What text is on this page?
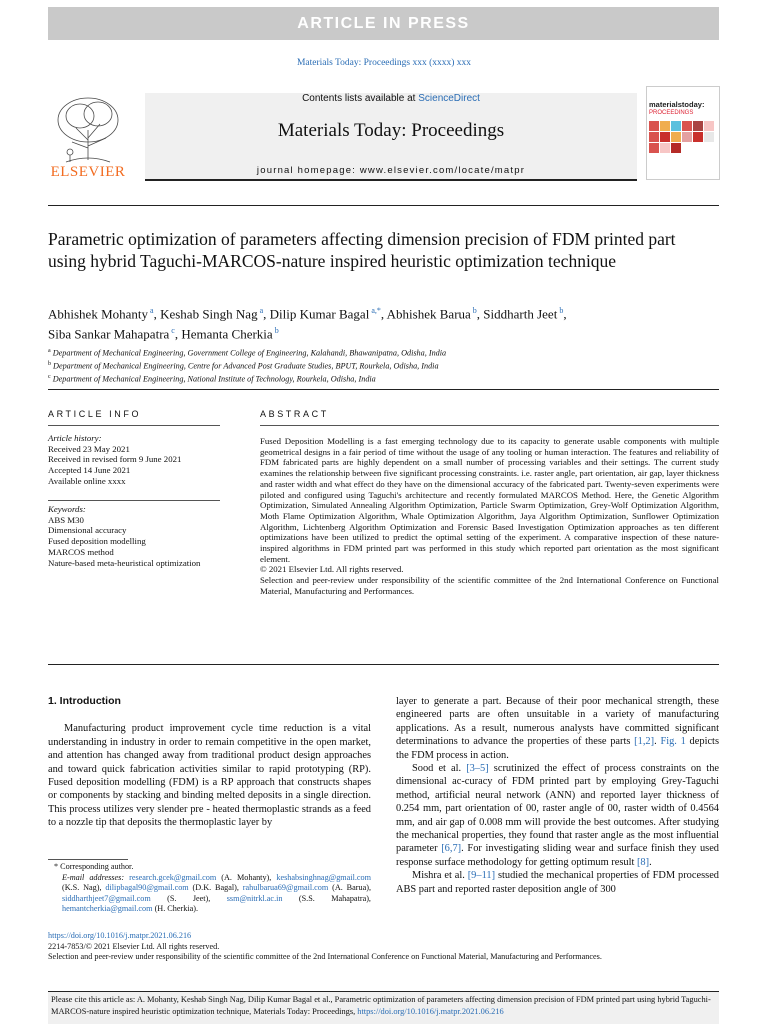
ARTICLE IN PRESS
Materials Today: Proceedings xxx (xxxx) xxx
ELSEVIER
Contents lists available at ScienceDirect
Materials Today: Proceedings
journal homepage: www.elsevier.com/locate/matpr
materialstoday:
PROCEEDINGS
Parametric optimization of parameters affecting dimension precision of FDM printed part using hybrid Taguchi-MARCOS-nature inspired heuristic optimization technique
Abhishek Mohanty $^a$, Keshab Singh Nag $^a$, Dilip Kumar Bagal $^{a,*}$, Abhishek Barua $^b$, Siddharth Jeet $^b$,
Siba Sankar Mahapatra $^c$, Hemanta Cherkia $^b$
$^a$ Department of Mechanical Engineering, Government College of Engineering, Kalahandi, Bhawanipatna, Odisha, India
$^b$ Department of Mechanical Engineering, Centre for Advanced Post Graduate Studies, BPUT, Rourkela, Odisha, India
$^c$ Department of Mechanical Engineering, National Institute of Technology, Rourkela, Odisha, India
ARTICLE INFO
Article history:
Received 23 May 2021
Received in revised form 9 June 2021
Accepted 14 June 2021
Available online xxxx
Keywords:
ABS M30
Dimensional accuracy
Fused deposition modelling
MARCOS method
Nature-based meta-heuristical optimization
ABSTRACT
Fused Deposition Modelling is a fast emerging technology due to its capacity to generate usable components with multiple geometrical designs in a fair period of time without the usage of any tooling or human interaction. The features and reliability of FDM fabricated parts are highly dependent on a small number of processing variables and their settings. The current study examines the relationship between five significant processing constraints. i.e. raster angle, part orientation, air gap, layer thickness and raster width and what effect do they have on the dimensional accuracy of the fabricated part. Twenty-seven experiments were piloted and configured using Taguchi's architecture and recently formulated MARCOS Method. Here, the Genetic Algorithm Optimization, Simulated Annealing Algorithm Optimization, Particle Swarm Optimization, Grey-Wolf Optimization Algorithm, Moth Flame Optimization Algorithm, Whale Optimization Algorithm, Jaya Algorithm Optimization, Sunflower Optimization Algorithm, Lichtenberg Algorithm Optimization and Forensic Based Investigation Optimization approaches as ten different optimizations have been utilized to predict the optimal setting of the experiment. A comparative inspection of these nature-inspired algorithms in FDM printed part was performed in this study which reported part orientation as the most significant element.
© 2021 Elsevier Ltd. All rights reserved.
Selection and peer-review under responsibility of the scientific committee of the 2nd International Conference on Functional Material, Manufacturing and Performances.
1. Introduction

Manufacturing product improvement cycle time reduction is a vital understanding in industry in order to remain competitive in the open market, and attention has changed away from traditional product design approaches and toward quick fabrication activities similar to rapid prototyping (RP). Fused deposition modelling (FDM) is a RP approach that constructs shapes or components by stacking and binding melted deposits in a single direction. This process utilizes very slender pre - heated thermoplastic strands as a feed to a nozzle tip that deposits the thermoplastic layer by

layer to generate a part. Because of their poor mechanical strength, these engineered parts are often unsuitable in a variety of manufacturing applications. As a result, numerous analysts have committed significant determinations to advance the properties of these parts [1,2]. Fig. 1 depicts the FDM process in action.

Sood et al. [3–5] scrutinized the effect of process constraints on the dimensional ac-curacy of FDM printed part by employing Grey-Taguchi method, artificial neural network (ANN) and reported layer thickness of 0.254 mm, part orientation of 00, raster angle of 00, raster width of 0.4564 mm, and air gap of 0.008 mm will provide the best outcomes. After studying the mechanical properties, they found that raster angle as the most influential parameter [6,7]. For investigating sliding wear and surface finish they used response surface methodology for getting optimum result [8].

Mishra et al. [9–11] studied the mechanical properties of FDM processed ABS part and reported raster deposition angle of 300

* Corresponding author.
E-mail addresses: research.gcek@gmail.com (A. Mohanty), keshabsinghnag@gmail.com (K.S. Nag), dilipbagal90@gmail.com (D.K. Bagal), rahulbarua69@gmail.com (A. Barua), siddharthjeet7@gmail.com (S. Jeet), ssm@nitrkl.ac.in (S.S. Mahapatra), hemantcherkia@gmail.com (H. Cherkia).
https://doi.org/10.1016/j.matpr.2021.06.216
2214-7853/© 2021 Elsevier Ltd. All rights reserved.
Selection and peer-review under responsibility of the scientific committee of the 2nd International Conference on Functional Material, Manufacturing and Performances.
Please cite this article as: A. Mohanty, Keshab Singh Nag, Dilip Kumar Bagal et al., Parametric optimization of parameters affecting dimension precision of FDM printed part using hybrid Taguchi-MARCOS-nature inspired heuristic optimization technique, Materials Today: Proceedings, https://doi.org/10.1016/j.matpr.2021.06.216
